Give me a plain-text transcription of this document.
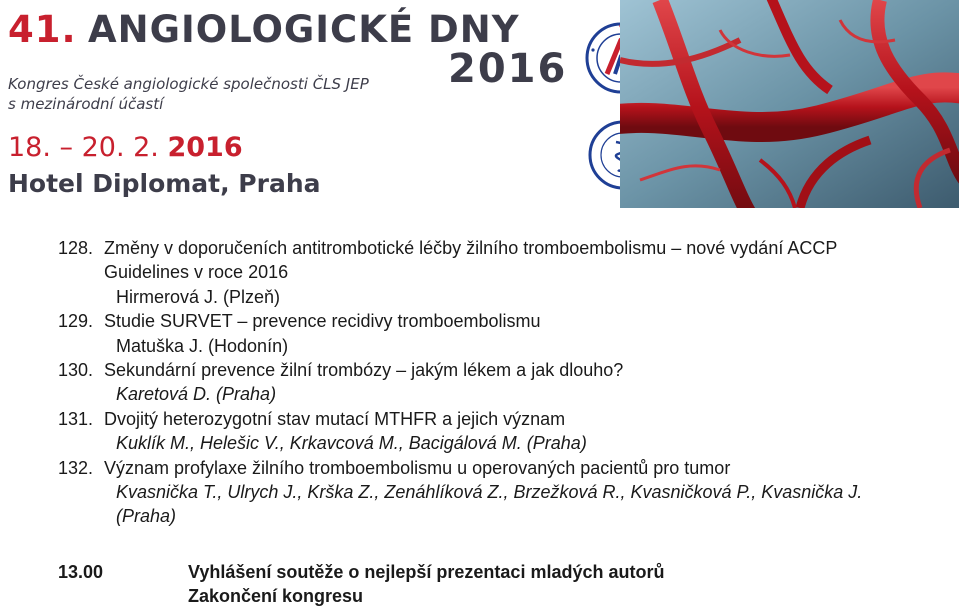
41. ANGIOLOGICKÉ DNY
2016
Kongres České angiologické společnosti ČLS JEP
s mezinárodní účastí
18. – 20. 2. 2016
Hotel Diplomat, Praha
128. Změny v doporučeních antitrombotické léčby žilního tromboembolismu – nové vydání ACCP
Guidelines v roce 2016
Hirmerová J. (Plzeň)
129. Studie SURVET – prevence recidivy tromboembolismu
Matuška J. (Hodonín)
130. Sekundární prevence žilní trombózy – jakým lékem a jak dlouho?
Karetová D. (Praha)
131. Dvojitý heterozygotní stav mutací MTHFR a jejich význam
Kuklík M., Helešic V., Krkavcová M., Bacigálová M. (Praha)
132. Význam profylaxe žilního tromboembolismu u operovaných pacientů pro tumor
Kvasnička T., Ulrych J., Krška Z., Zenáhlíková Z., Brzežková R., Kvasničková P., Kvasnička J.
(Praha)
13.00	Vyhlášení soutěže o nejlepší prezentaci mladých autorů
Zakončení kongresu
